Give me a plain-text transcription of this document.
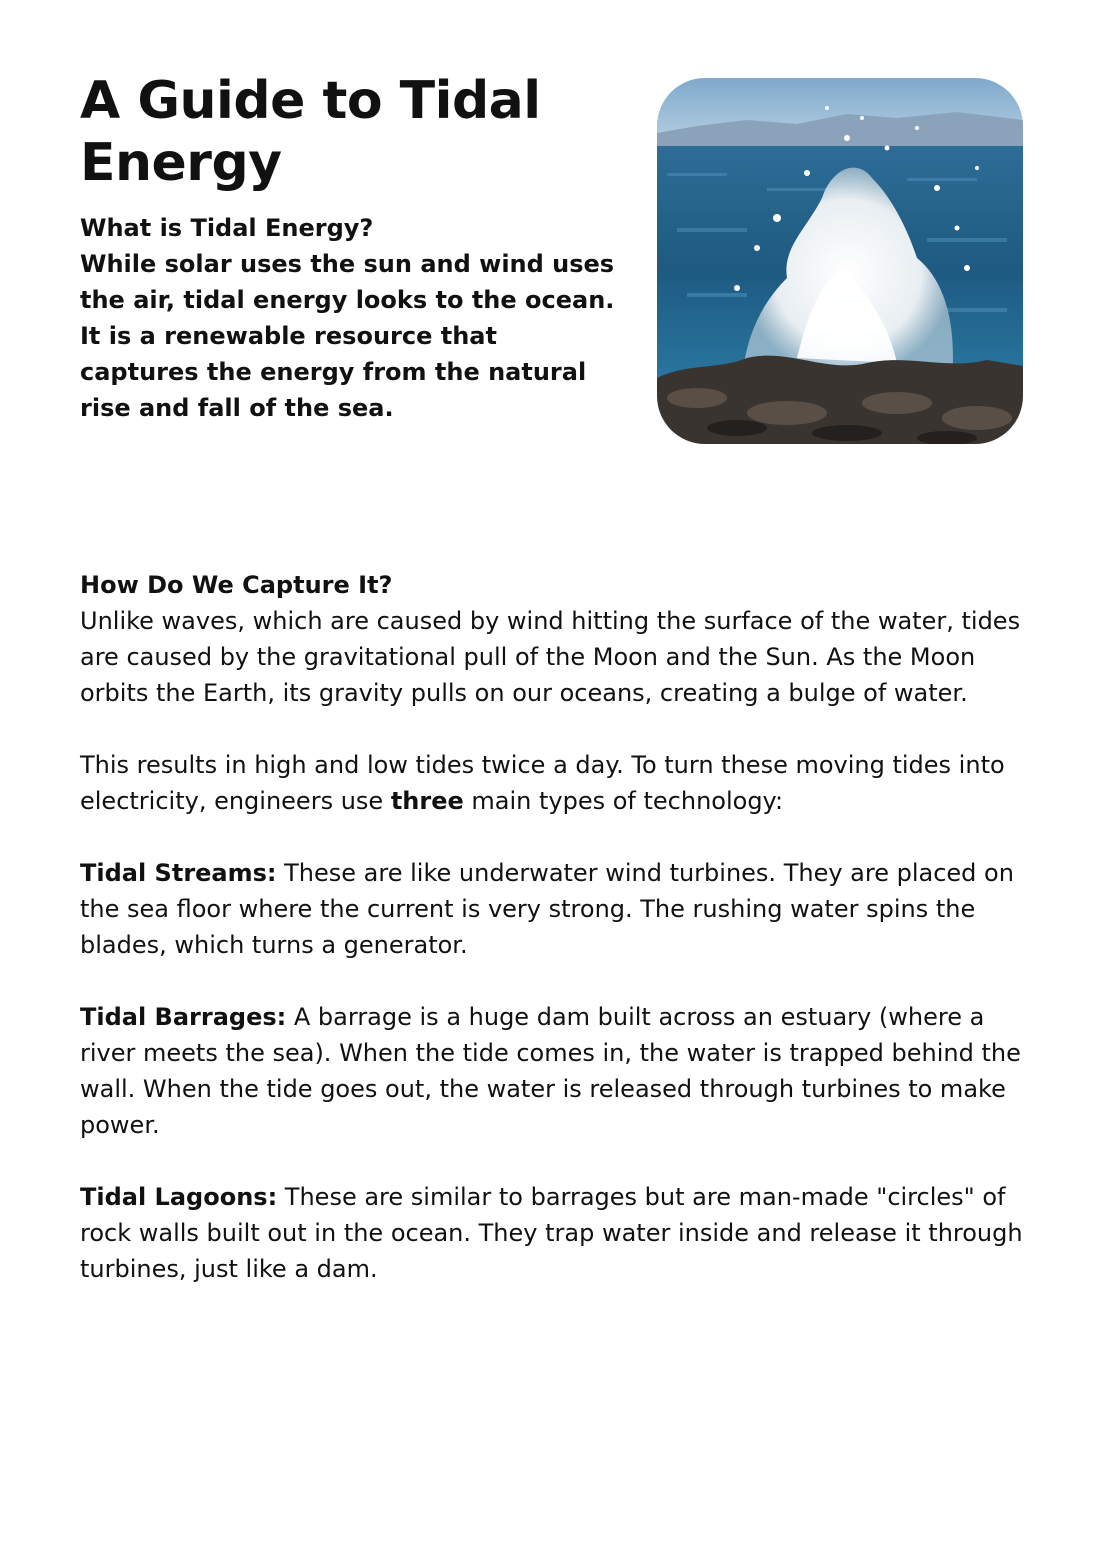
A Guide to Tidal Energy

What is Tidal Energy?

While solar uses the sun and wind uses the air, tidal energy looks to the ocean. It is a renewable resource that captures the energy from the natural rise and fall of the sea.

How Do We Capture It?

Unlike waves, which are caused by wind hitting the surface of the water, tides are caused by the gravitational pull of the Moon and the Sun. As the Moon orbits the Earth, its gravity pulls on our oceans, creating a bulge of water.

This results in high and low tides twice a day. To turn these moving tides into electricity, engineers use three main types of technology:

Tidal Streams: These are like underwater wind turbines. They are placed on the sea floor where the current is very strong. The rushing water spins the blades, which turns a generator.

Tidal Barrages: A barrage is a huge dam built across an estuary (where a river meets the sea). When the tide comes in, the water is trapped behind the wall. When the tide goes out, the water is released through turbines to make power.

Tidal Lagoons: These are similar to barrages but are man-made "circles" of rock walls built out in the ocean. They trap water inside and release it through turbines, just like a dam.
